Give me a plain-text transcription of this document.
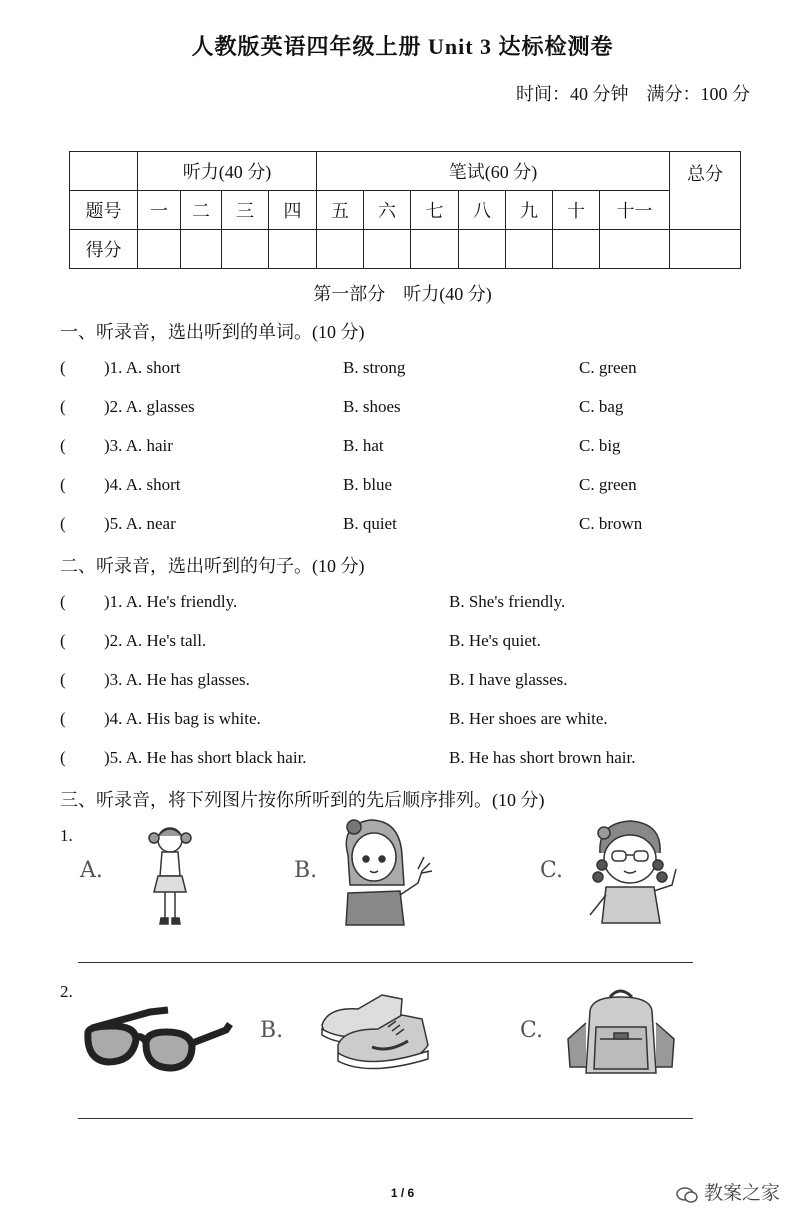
人教版英语四年级上册 Unit 3 达标检测卷
时间：40 分钟    满分：100 分
	听力(40 分)				笔试(60 分)							总分
题号	一	二	三	四	五	六	七	八	九	十	十一	
得分												
第一部分    听力(40 分)
一、听录音，选出听到的单词。(10 分)
( )1. A. short	B. strong	C. green
( )2. A. glasses	B. shoes	C. bag
( )3. A. hair	B. hat	C. big
( )4. A. short	B. blue	C. green
( )5. A. near	B. quiet	C. brown
二、听录音，选出听到的句子。(10 分)
( )1. A. He's friendly.	B. She's friendly.
( )2. A. He's tall.	B. He's quiet.
( )3. A. He has glasses.	B. I have glasses.
( )4. A. His bag is white.	B. Her shoes are white.
( )5. A. He has short black hair.	B. He has short brown hair.
三、听录音，将下列图片按你所听到的先后顺序排列。(10 分)
1.
A.	B.	C.
2.
B.	C.
1 / 6	教案之家
